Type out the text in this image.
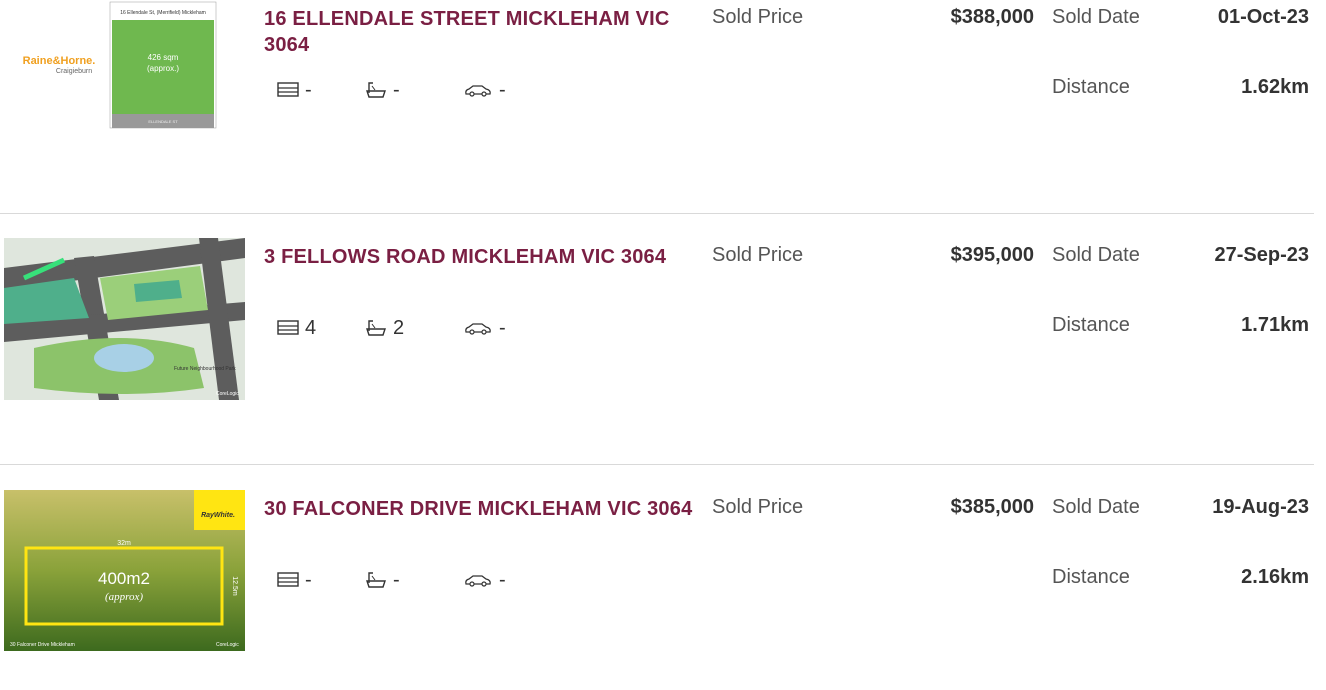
Raine&Horne.
Craigieburn
16 Ellendale St, (Merrifield) Mickleham
426 sqm
(approx.)
ELLENDALE ST
16 ELLENDALE STREET MICKLEHAM VIC 3064
-	-	-
Sold Price	$388,000 Sold Date	01-Oct-23
Distance	1.62km
Future Neighbourhood Park
CoreLogic
3 FELLOWS ROAD MICKLEHAM VIC 3064
4	2	-
Sold Price	$395,000 Sold Date	27-Sep-23
Distance	1.71km
RayWhite.
32m
12.5m
400m2
(approx)
30 Falconer Drive Mickleham	CoreLogic
30 FALCONER DRIVE MICKLEHAM VIC 3064
-	-	-
Sold Price	$385,000 Sold Date	19-Aug-23
Distance	2.16km
